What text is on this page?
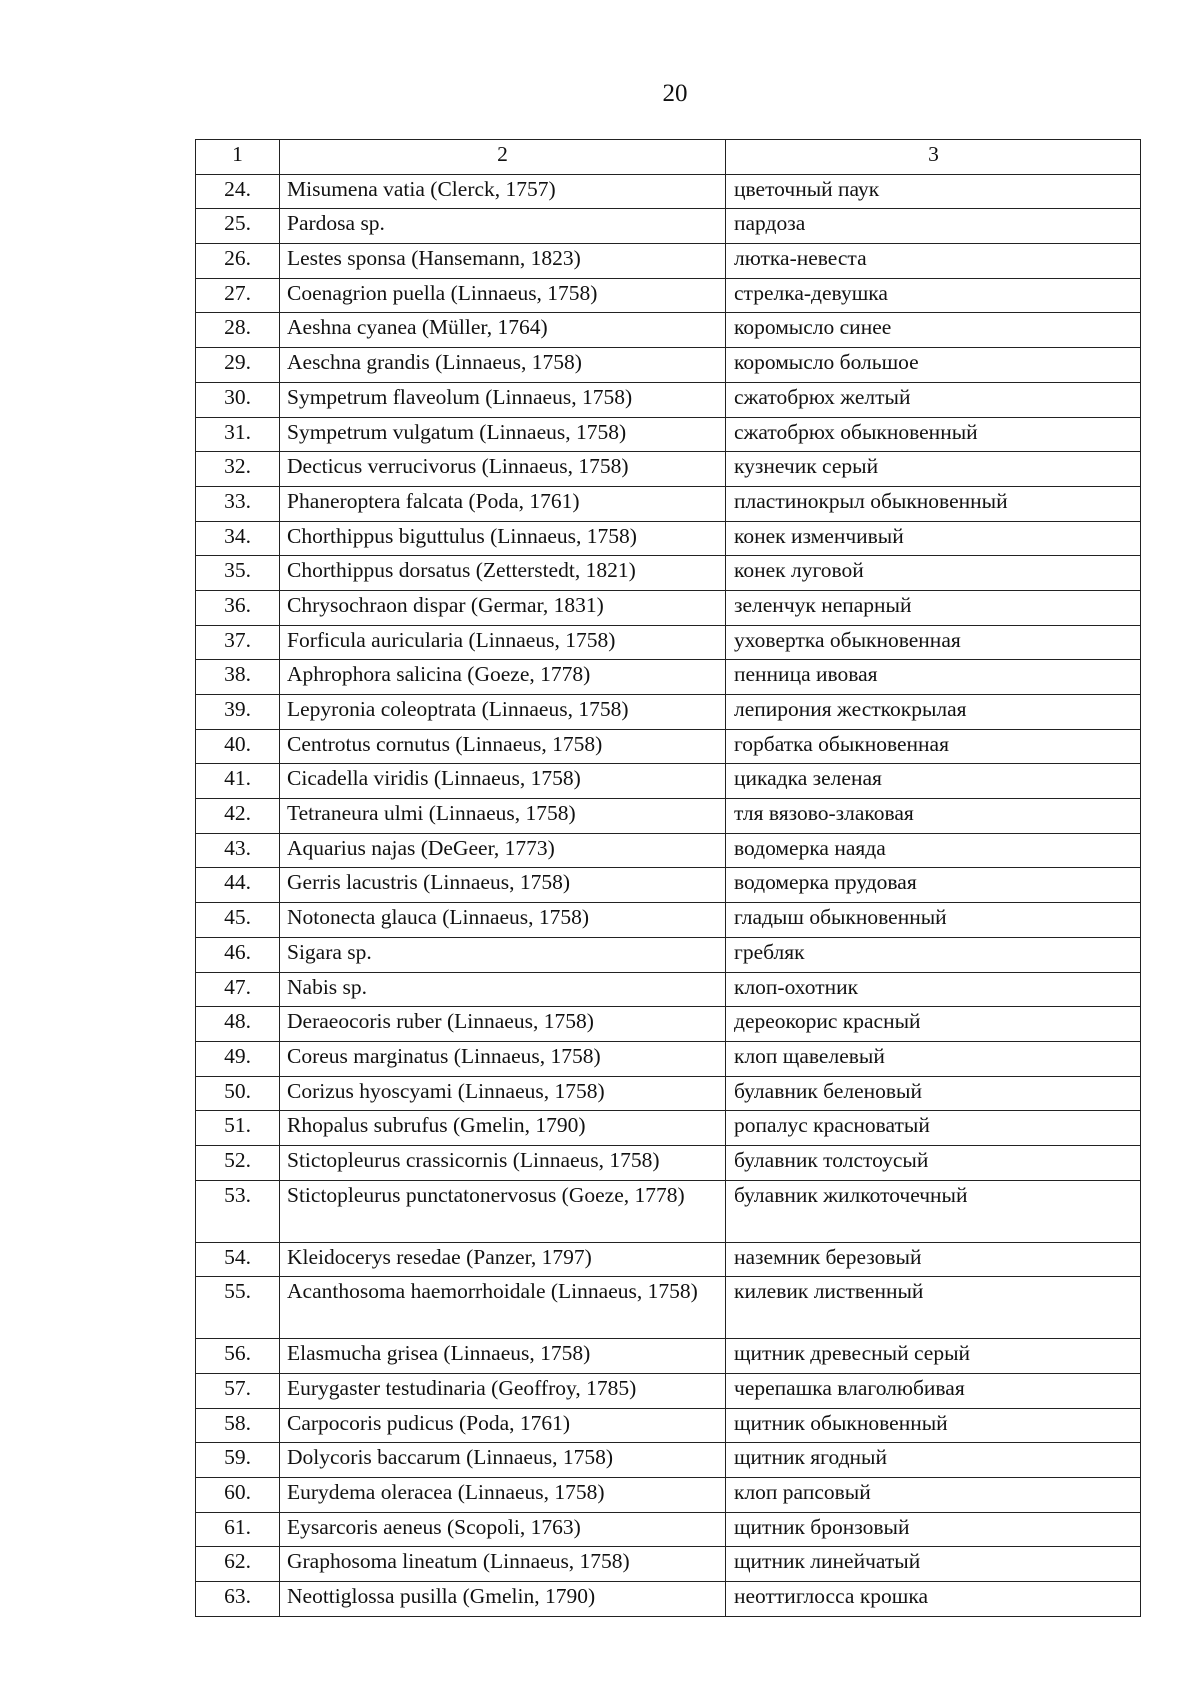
20
1	2	3
24.	Misumena vatia (Clerck, 1757)	цветочный паук
25.	Pardosa sp.	пардоза
26.	Lestes sponsa (Hansemann, 1823)	лютка-невеста
27.	Coenagrion puella (Linnaeus, 1758)	стрелка-девушка
28.	Aeshna cyanea (Müller, 1764)	коромысло синее
29.	Aeschna grandis (Linnaeus, 1758)	коромысло большое
30.	Sympetrum flaveolum (Linnaeus, 1758)	сжатобрюх желтый
31.	Sympetrum vulgatum (Linnaeus, 1758)	сжатобрюх обыкновенный
32.	Decticus verrucivorus (Linnaeus, 1758)	кузнечик серый
33.	Phaneroptera falcata (Poda, 1761)	пластинокрыл обыкновенный
34.	Chorthippus biguttulus (Linnaeus, 1758)	конек изменчивый
35.	Chorthippus dorsatus (Zetterstedt, 1821)	конек луговой
36.	Chrysochraon dispar (Germar, 1831)	зеленчук непарный
37.	Forficula auricularia (Linnaeus, 1758)	уховертка обыкновенная
38.	Aphrophora salicina (Goeze, 1778)	пенница ивовая
39.	Lepyronia coleoptrata (Linnaeus, 1758)	лепирония жесткокрылая
40.	Centrotus cornutus (Linnaeus, 1758)	горбатка обыкновенная
41.	Cicadella viridis (Linnaeus, 1758)	цикадка зеленая
42.	Tetraneura ulmi (Linnaeus, 1758)	тля вязово-злаковая
43.	Aquarius najas (DeGeer, 1773)	водомерка наяда
44.	Gerris lacustris (Linnaeus, 1758)	водомерка прудовая
45.	Notonecta glauca (Linnaeus, 1758)	гладыш обыкновенный
46.	Sigara sp.	гребляк
47.	Nabis sp.	клоп-охотник
48.	Deraeocoris ruber (Linnaeus, 1758)	дереокорис красный
49.	Coreus marginatus (Linnaeus, 1758)	клоп щавелевый
50.	Corizus hyoscyami (Linnaeus, 1758)	булавник беленовый
51.	Rhopalus subrufus (Gmelin, 1790)	ропалус красноватый
52.	Stictopleurus crassicornis (Linnaeus, 1758)	булавник толстоусый
53.	Stictopleurus punctatonervosus (Goeze, 1778)	булавник жилкоточечный
54.	Kleidocerys resedae (Panzer, 1797)	наземник березовый
55.	Acanthosoma haemorrhoidale (Linnaeus, 1758)	килевик лиственный
56.	Elasmucha grisea (Linnaeus, 1758)	щитник древесный серый
57.	Eurygaster testudinaria (Geoffroy, 1785)	черепашка влаголюбивая
58.	Carpocoris pudicus (Poda, 1761)	щитник обыкновенный
59.	Dolycoris baccarum (Linnaeus, 1758)	щитник ягодный
60.	Eurydema oleracea (Linnaeus, 1758)	клоп рапсовый
61.	Eysarcoris aeneus (Scopoli, 1763)	щитник бронзовый
62.	Graphosoma lineatum (Linnaeus, 1758)	щитник линейчатый
63.	Neottiglossa pusilla (Gmelin, 1790)	неоттиглосса крошка
